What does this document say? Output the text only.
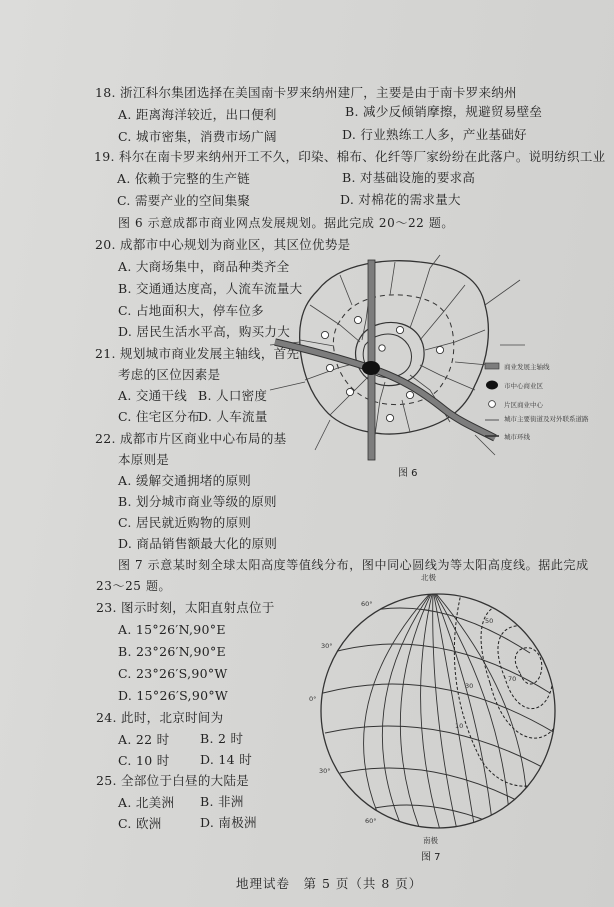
18. 浙江科尔集团选择在美国南卡罗来纳州建厂，主要是由于南卡罗来纳州
A. 距离海洋较近，出口便利	B. 减少反倾销摩擦，规避贸易壁垒
C. 城市密集，消费市场广阔	D. 行业熟练工人多，产业基础好
19. 科尔在南卡罗来纳州开工不久，印染、棉布、化纤等厂家纷纷在此落户。说明纺织工业
A. 依赖于完整的生产链	B. 对基础设施的要求高
C. 需要产业的空间集聚	D. 对棉花的需求量大
图 6 示意成都市商业网点发展规划。据此完成 20～22 题。
20. 成都市中心规划为商业区，其区位优势是
A. 大商场集中，商品种类齐全
B. 交通通达度高，人流车流量大
C. 占地面积大，停车位多
D. 居民生活水平高，购买力大
21. 规划城市商业发展主轴线，首先
考虑的区位因素是
A. 交通干线 B. 人口密度
C. 住宅区分布
D. 人车流量
22. 成都市片区商业中心布局的基
本原则是
A. 缓解交通拥堵的原则
B. 划分城市商业等级的原则
C. 居民就近购物的原则
D. 商品销售额最大化的原则
图 7 示意某时刻全球太阳高度等值线分布，图中同心圆线为等太阳高度线。据此完成
23～25 题。
23. 图示时刻，太阳直射点位于
A. 15°26′N,90°E
B. 23°26′N,90°E
C. 23°26′S,90°W
D. 15°26′S,90°W
24. 此时，北京时间为
A. 22 时 B. 2 时
C. 10 时 D. 14 时
25. 全部位于白昼的大陆是
A. 北美洲 B. 非洲
C. 欧洲	D. 南极洲
商业发展主轴线
市中心商业区
片区商业中心
城市主要街道及对外联系道路
城市环线
图 6
北极
南极
60°
30°
0°
30°
60°
70
50
30
10
图 7
地理试卷　第 5 页（共 8 页）
